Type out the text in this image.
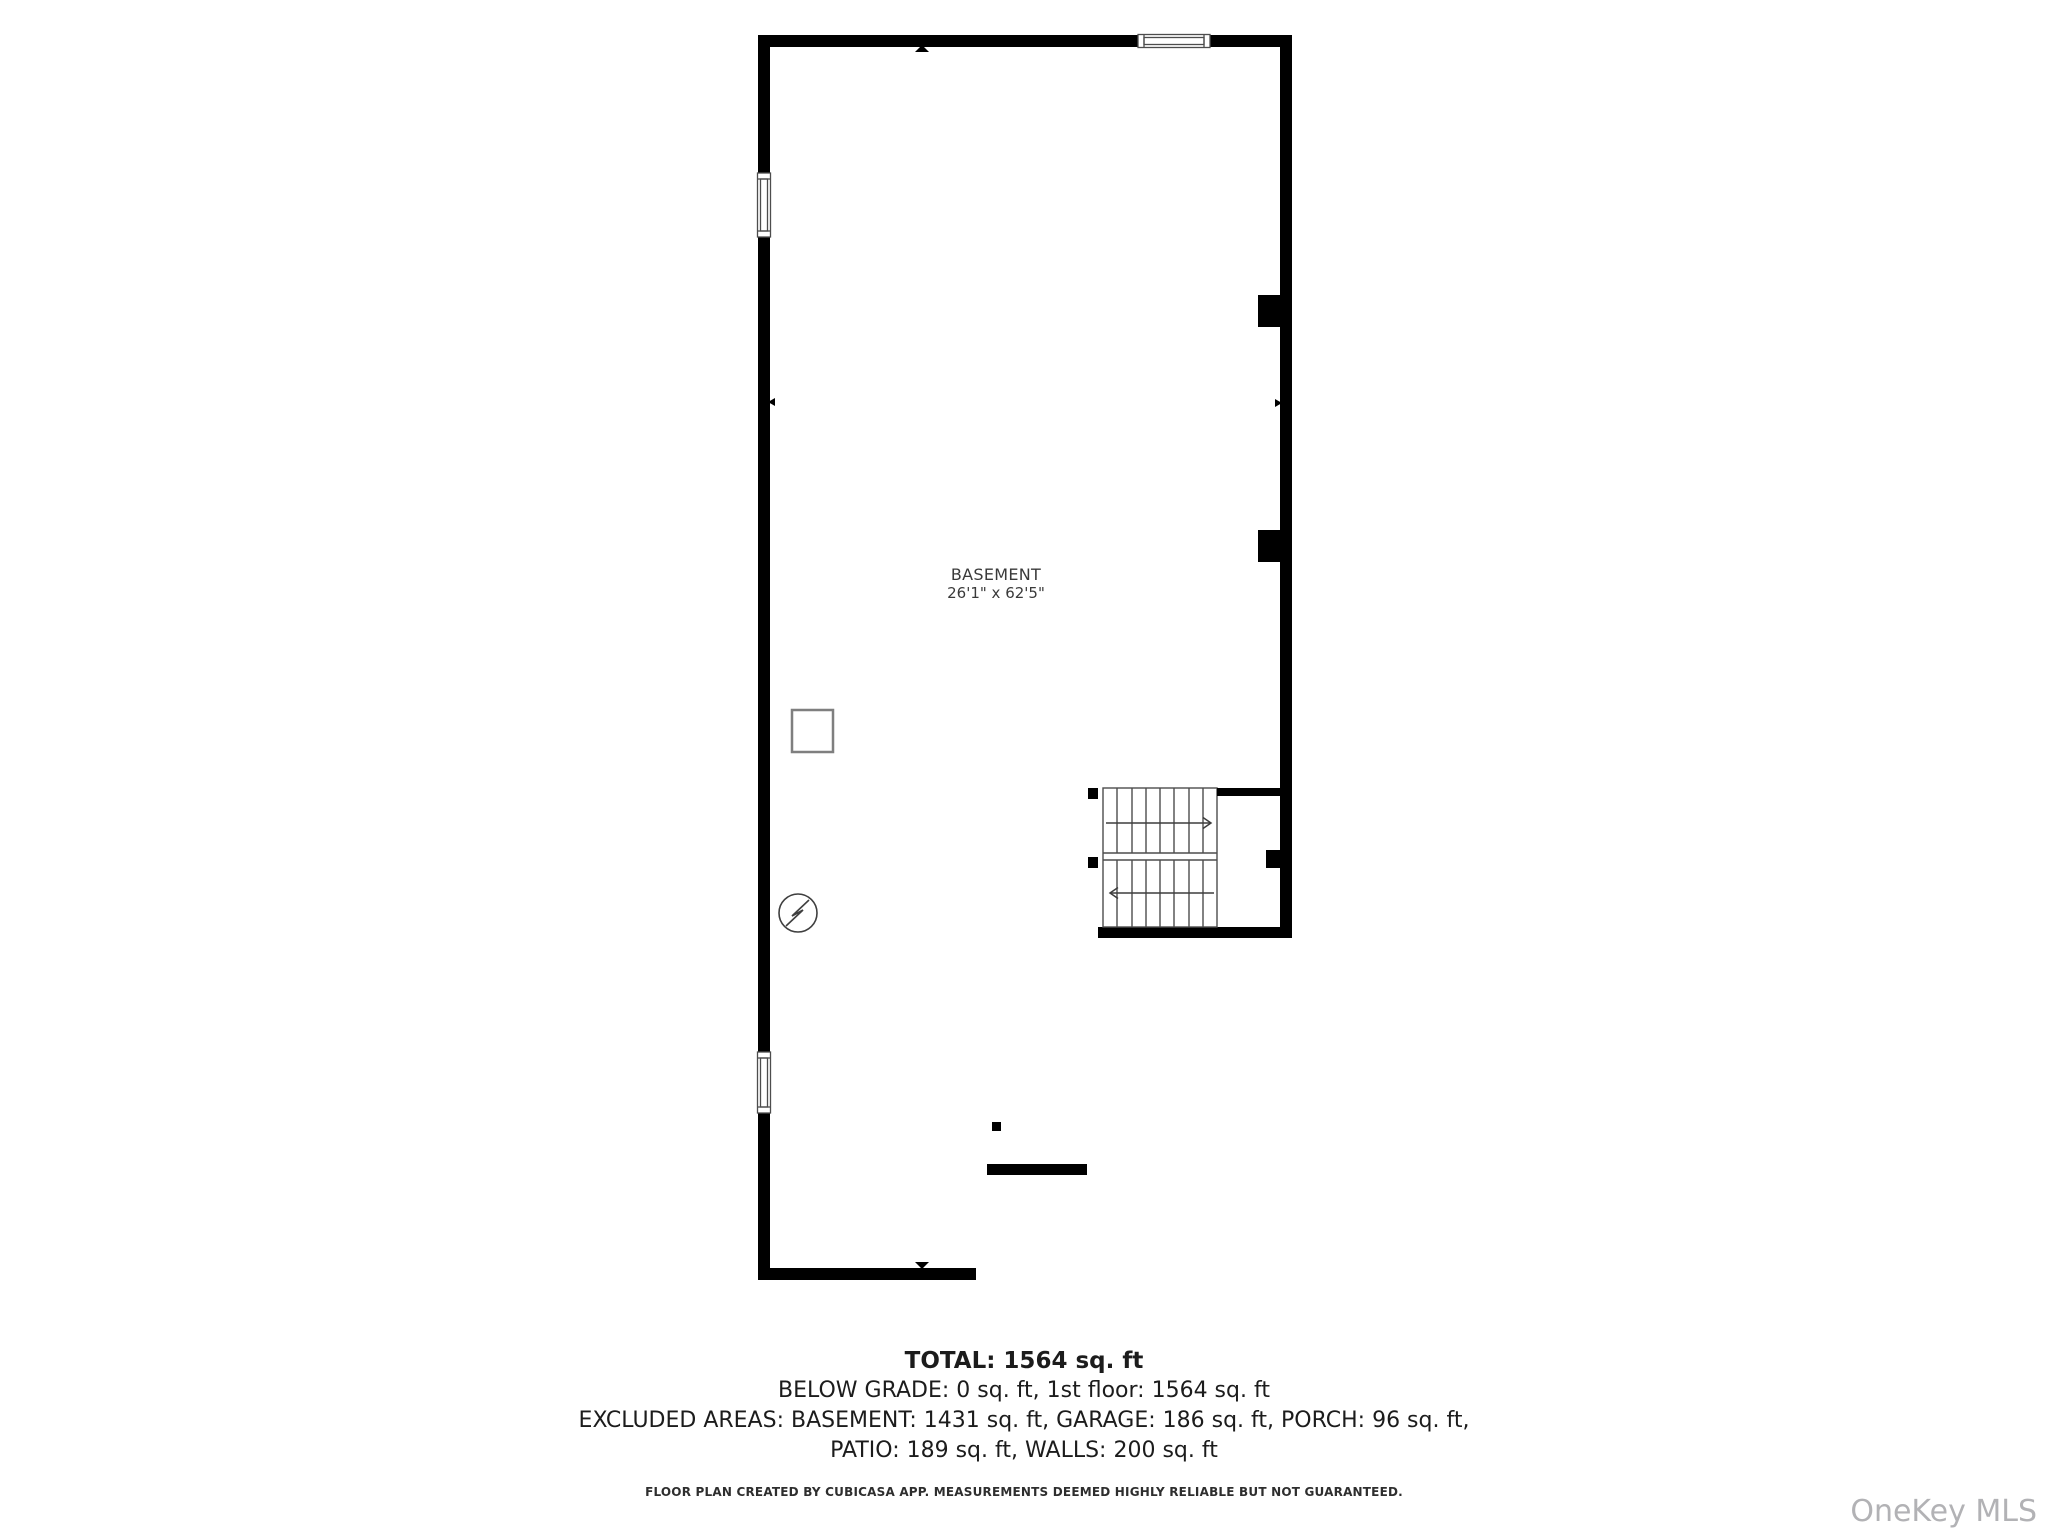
BASEMENT
26'1" x 62'5"
TOTAL: 1564 sq. ft
BELOW GRADE: 0 sq. ft, 1st floor: 1564 sq. ft
EXCLUDED AREAS: BASEMENT: 1431 sq. ft, GARAGE: 186 sq. ft, PORCH: 96 sq. ft,
PATIO: 189 sq. ft, WALLS: 200 sq. ft
FLOOR PLAN CREATED BY CUBICASA APP. MEASUREMENTS DEEMED HIGHLY RELIABLE BUT NOT GUARANTEED.
OneKey MLS
